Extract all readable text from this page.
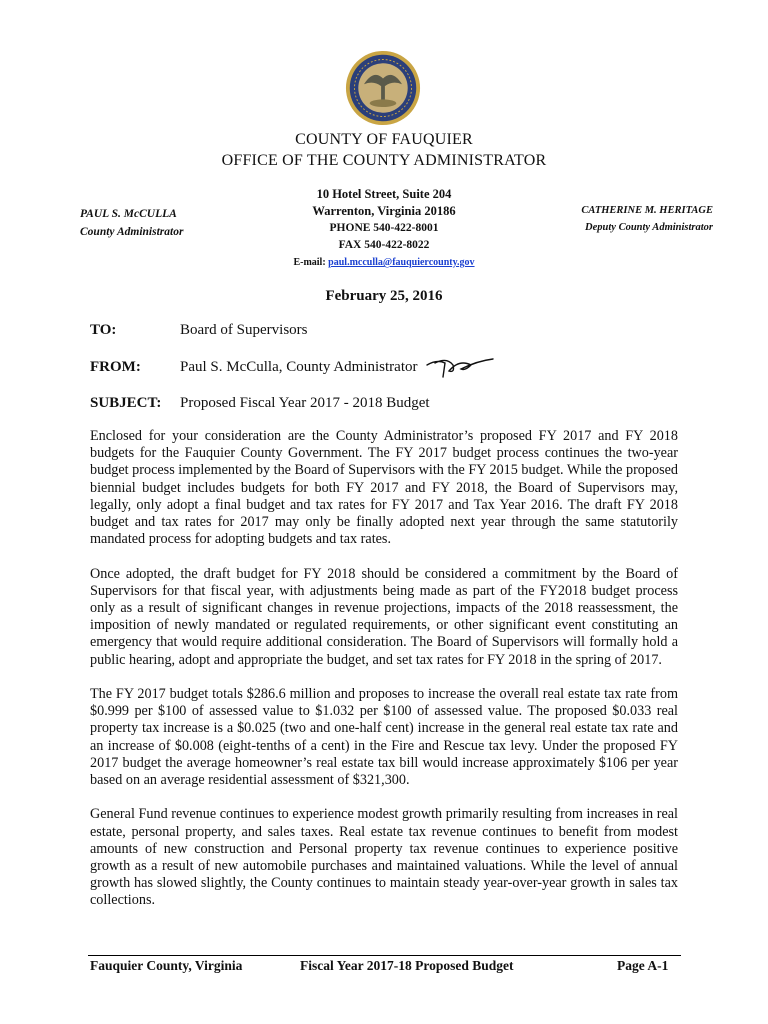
COUNTY OF FAUQUIER
OFFICE OF THE COUNTY ADMINISTRATOR
10 Hotel Street, Suite 204
Warrenton, Virginia 20186
PHONE 540-422-8001
FAX 540-422-8022
E-mail: paul.mcculla@fauquiercounty.gov
PAUL S. McCULLA
County Administrator
CATHERINE M. HERITAGE
Deputy County Administrator
February 25, 2016
TO:	Board of Supervisors
FROM:	Paul S. McCulla, County Administrator
SUBJECT: Proposed Fiscal Year 2017 - 2018 Budget

Enclosed for your consideration are the County Administrator’s proposed FY 2017 and FY 2018 budgets for the Fauquier County Government. The FY 2017 budget process continues the two-year budget process implemented by the Board of Supervisors with the FY 2015 budget. While the proposed biennial budget includes budgets for both FY 2017 and FY 2018, the Board of Supervisors may, legally, only adopt a final budget and tax rates for FY 2017 and Tax Year 2016. The draft FY 2018 budget and tax rates for 2017 may only be finally adopted next year through the same statutorily mandated process for adopting budgets and tax rates.

Once adopted, the draft budget for FY 2018 should be considered a commitment by the Board of Supervisors for that fiscal year, with adjustments being made as part of the FY2018 budget process only as a result of significant changes in revenue projections, impacts of the 2018 reassessment, the imposition of newly mandated or regulated requirements, or other significant event constituting an emergency that would require additional consideration. The Board of Supervisors will formally hold a public hearing, adopt and appropriate the budget, and set tax rates for FY 2018 in the spring of 2017.

The FY 2017 budget totals $286.6 million and proposes to increase the overall real estate tax rate from $0.999 per $100 of assessed value to $1.032 per $100 of assessed value. The proposed $0.033 real property tax increase is a $0.025 (two and one-half cent) increase in the general real estate tax rate and an increase of $0.008 (eight-tenths of a cent) in the Fire and Rescue tax levy. Under the proposed FY 2017 budget the average homeowner’s real estate tax bill would increase approximately $106 per year based on an average residential assessment of $321,300.

General Fund revenue continues to experience modest growth primarily resulting from increases in real estate, personal property, and sales taxes. Real estate tax revenue continues to benefit from modest amounts of new construction and Personal property tax revenue continues to experience positive growth as a result of new automobile purchases and maintained valuations. While the level of annual growth has slowed slightly, the County continues to maintain steady year-over-year growth in sales tax collections.

Fauquier County, Virginia	Fiscal Year 2017-18 Proposed Budget	Page A-1
